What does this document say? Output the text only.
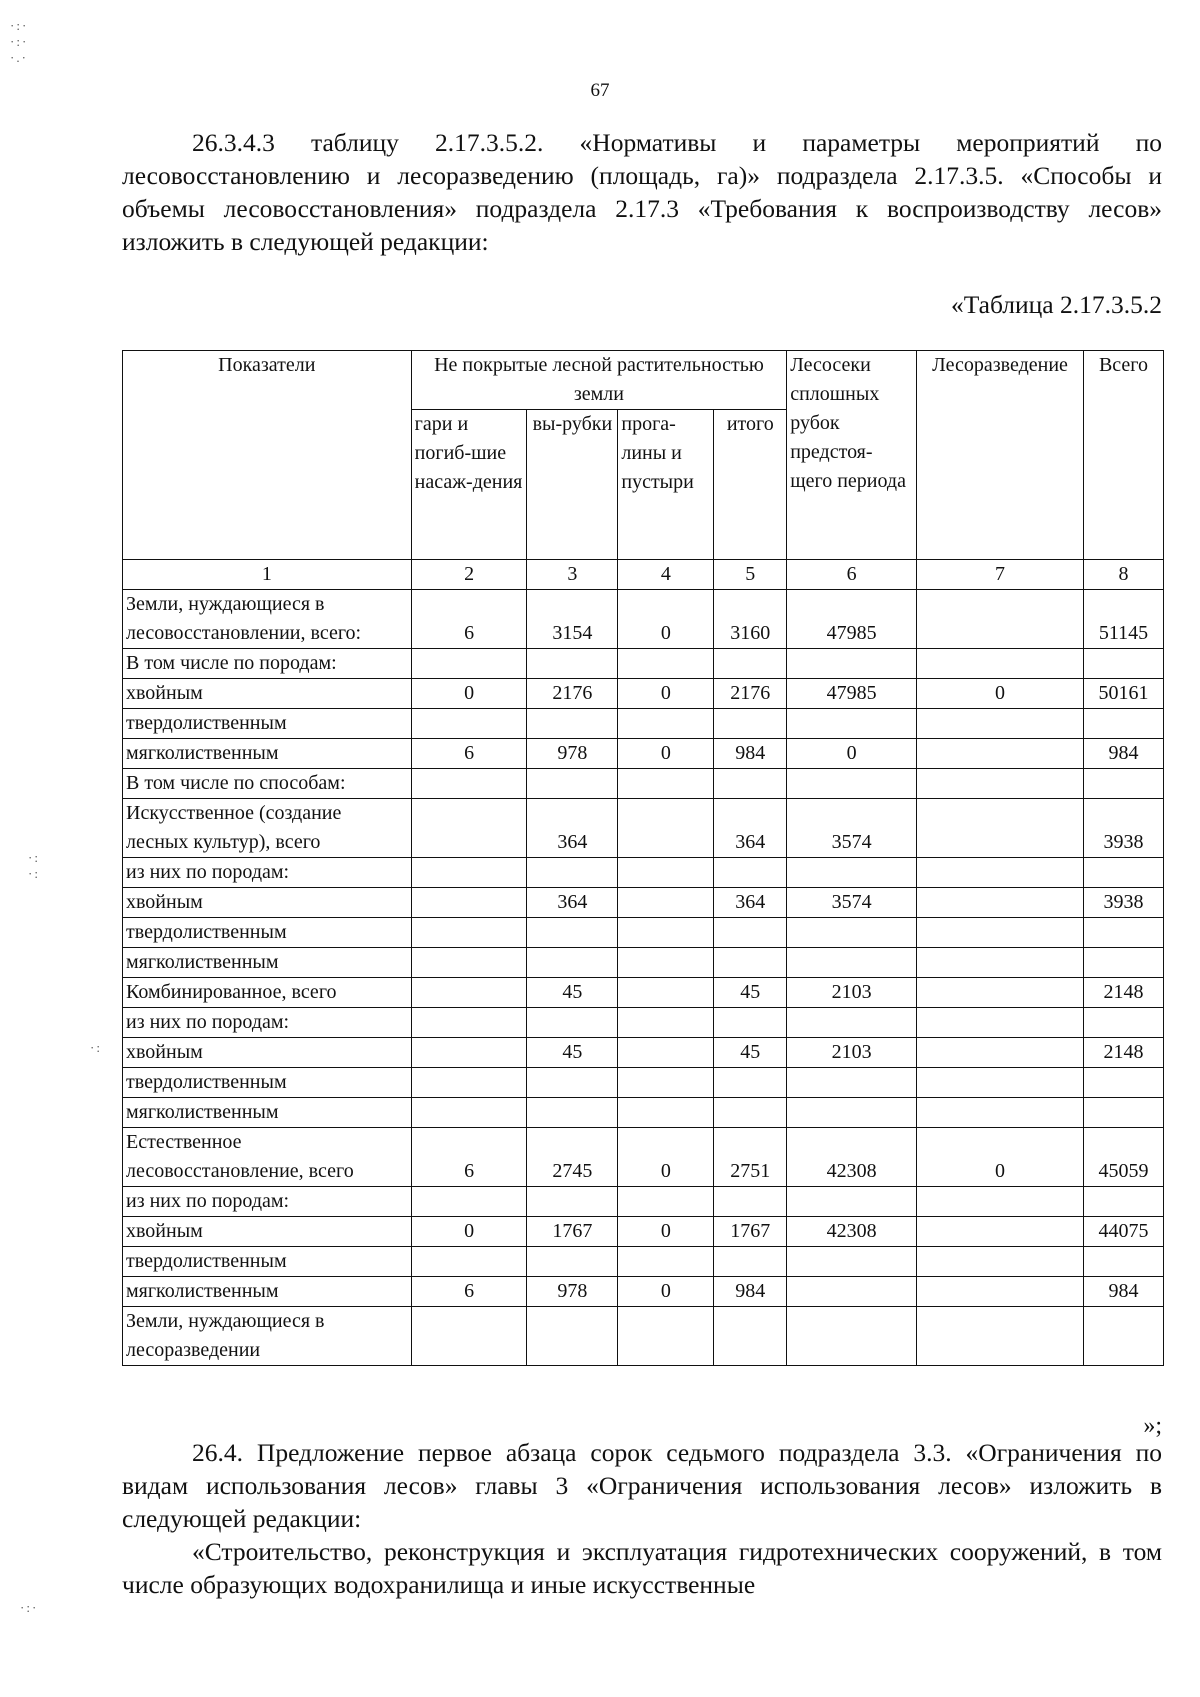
67

26.3.4.3 таблицу 2.17.3.5.2. «Нормативы и параметры мероприятий по лесовосстановлению и лесоразведению (площадь, га)» подраздела 2.17.3.5. «Способы и объемы лесовосстановления» подраздела 2.17.3 «Требования к воспроизводству лесов» изложить в следующей редакции:

«Таблица 2.17.3.5.2
Показатели	Не покрытые лесной растительностью земли				Лесосеки сплошных рубок предстоя-щего периода	Лесоразведение	Всего
	гари и погиб-шие насаж-дения	вы-рубки	прога-лины и пустыри	итого			
1	2	3	4	5	6	7	8
Земли, нуждающиеся в лесовосстановлении, всего:	6	3154	0	3160	47985		51145
В том числе по породам:							
хвойным	0	2176	0	2176	47985	0	50161
твердолиственным							
мягколиственным	6	978	0	984	0		984
В том числе по способам:							
Искусственное (создание лесных культур), всего		364		364	3574		3938
из них по породам:							
хвойным		364		364	3574		3938
твердолиственным							
мягколиственным							
Комбинированное, всего		45		45	2103		2148
из них по породам:							
хвойным		45		45	2103		2148
твердолиственным							
мягколиственным							
Естественное лесовосстановление, всего	6	2745	0	2751	42308	0	45059
из них по породам:							
хвойным	0	1767	0	1767	42308		44075
твердолиственным							
мягколиственным	6	978	0	984			984
Земли, нуждающиеся в лесоразведении							
»;

26.4. Предложение первое абзаца сорок седьмого подраздела 3.3. «Ограничения по видам использования лесов» главы 3 «Ограничения использования лесов» изложить в следующей редакции:

«Строительство, реконструкция и эксплуатация гидротехнических сооружений, в том числе образующих водохранилища и иные искусственные

·:·
·:·
·.·
·:
·:
·:
·:·
